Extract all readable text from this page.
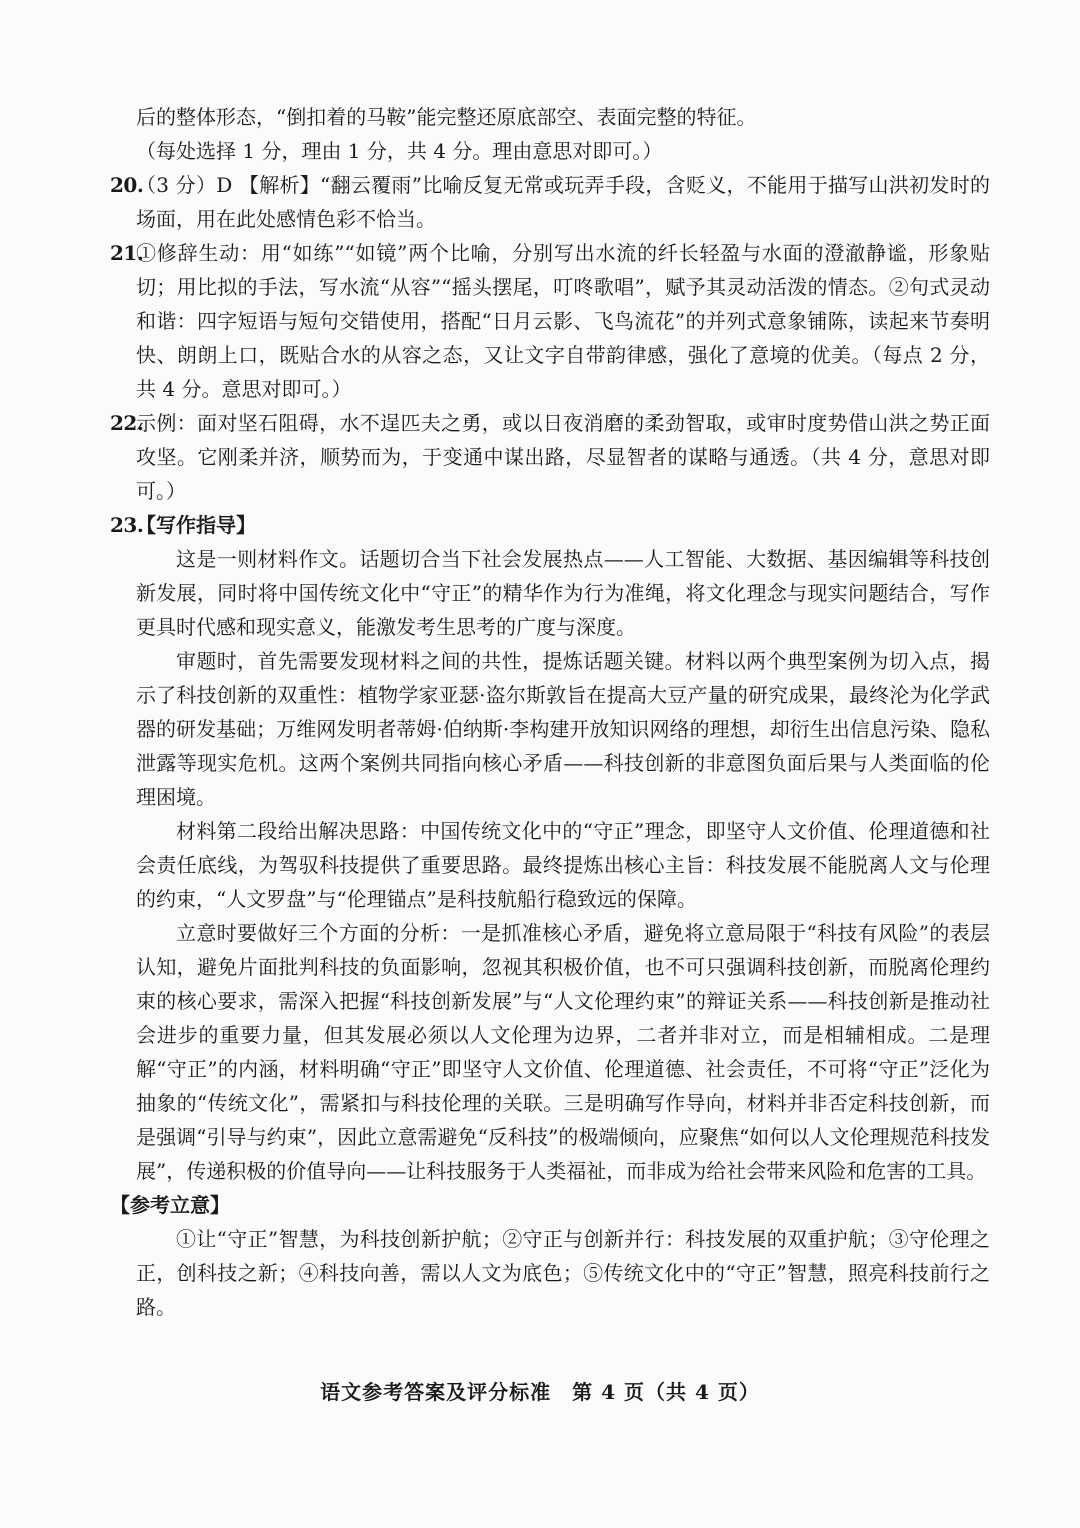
后的整体形态，“倒扣着的马鞍”能完整还原底部空、表面完整的特征。

（每处选择 1 分，理由 1 分，共 4 分。理由意思对即可。）

20.
（3 分）D 【解析】“翻云覆雨”比喻反复无常或玩弄手段，含贬义，不能用于描写山洪初发时的场面，用在此处感情色彩不恰当。
21.
①修辞生动：用“如练”“如镜”两个比喻，分别写出水流的纤长轻盈与水面的澄澈静谧，形象贴切；用比拟的手法，写水流“从容”“摇头摆尾，叮咚歌唱”，赋予其灵动活泼的情态。②句式灵动和谐：四字短语与短句交错使用，搭配“日月云影、飞鸟流花”的并列式意象铺陈，读起来节奏明快、朗朗上口，既贴合水的从容之态，又让文字自带韵律感，强化了意境的优美。（每点 2 分，共 4 分。意思对即可。）
22.
示例：面对坚石阻碍，水不逞匹夫之勇，或以日夜消磨的柔劲智取，或审时度势借山洪之势正面攻坚。它刚柔并济，顺势而为，于变通中谋出路，尽显智者的谋略与通透。（共 4 分，意思对即可。）
23.
【写作指导】

这是一则材料作文。话题切合当下社会发展热点——人工智能、大数据、基因编辑等科技创新发展，同时将中国传统文化中“守正”的精华作为行为准绳，将文化理念与现实问题结合，写作更具时代感和现实意义，能激发考生思考的广度与深度。

审题时，首先需要发现材料之间的共性，提炼话题关键。材料以两个典型案例为切入点，揭示了科技创新的双重性：植物学家亚瑟·盗尔斯敦旨在提高大豆产量的研究成果，最终沦为化学武器的研发基础；万维网发明者蒂姆·伯纳斯·李构建开放知识网络的理想，却衍生出信息污染、隐私泄露等现实危机。这两个案例共同指向核心矛盾——科技创新的非意图负面后果与人类面临的伦理困境。

材料第二段给出解决思路：中国传统文化中的“守正”理念，即坚守人文价值、伦理道德和社会责任底线，为驾驭科技提供了重要思路。最终提炼出核心主旨：科技发展不能脱离人文与伦理的约束，“人文罗盘”与“伦理锚点”是科技航船行稳致远的保障。

立意时要做好三个方面的分析：一是抓准核心矛盾，避免将立意局限于“科技有风险”的表层认知，避免片面批判科技的负面影响，忽视其积极价值，也不可只强调科技创新，而脱离伦理约束的核心要求，需深入把握“科技创新发展”与“人文伦理约束”的辩证关系——科技创新是推动社会进步的重要力量，但其发展必须以人文伦理为边界，二者并非对立，而是相辅相成。二是理解“守正”的内涵，材料明确“守正”即坚守人文价值、伦理道德、社会责任，不可将“守正”泛化为抽象的“传统文化”，需紧扣与科技伦理的关联。三是明确写作导向，材料并非否定科技创新，而是强调“引导与约束”，因此立意需避免“反科技”的极端倾向，应聚焦“如何以人文伦理规范科技发展”，传递积极的价值导向——让科技服务于人类福祉，而非成为给社会带来风险和危害的工具。

【参考立意】

①让“守正”智慧，为科技创新护航；②守正与创新并行：科技发展的双重护航；③守伦理之正，创科技之新；④科技向善，需以人文为底色；⑤传统文化中的“守正”智慧，照亮科技前行之路。

语文参考答案及评分标准　第 4 页（共 4 页）
